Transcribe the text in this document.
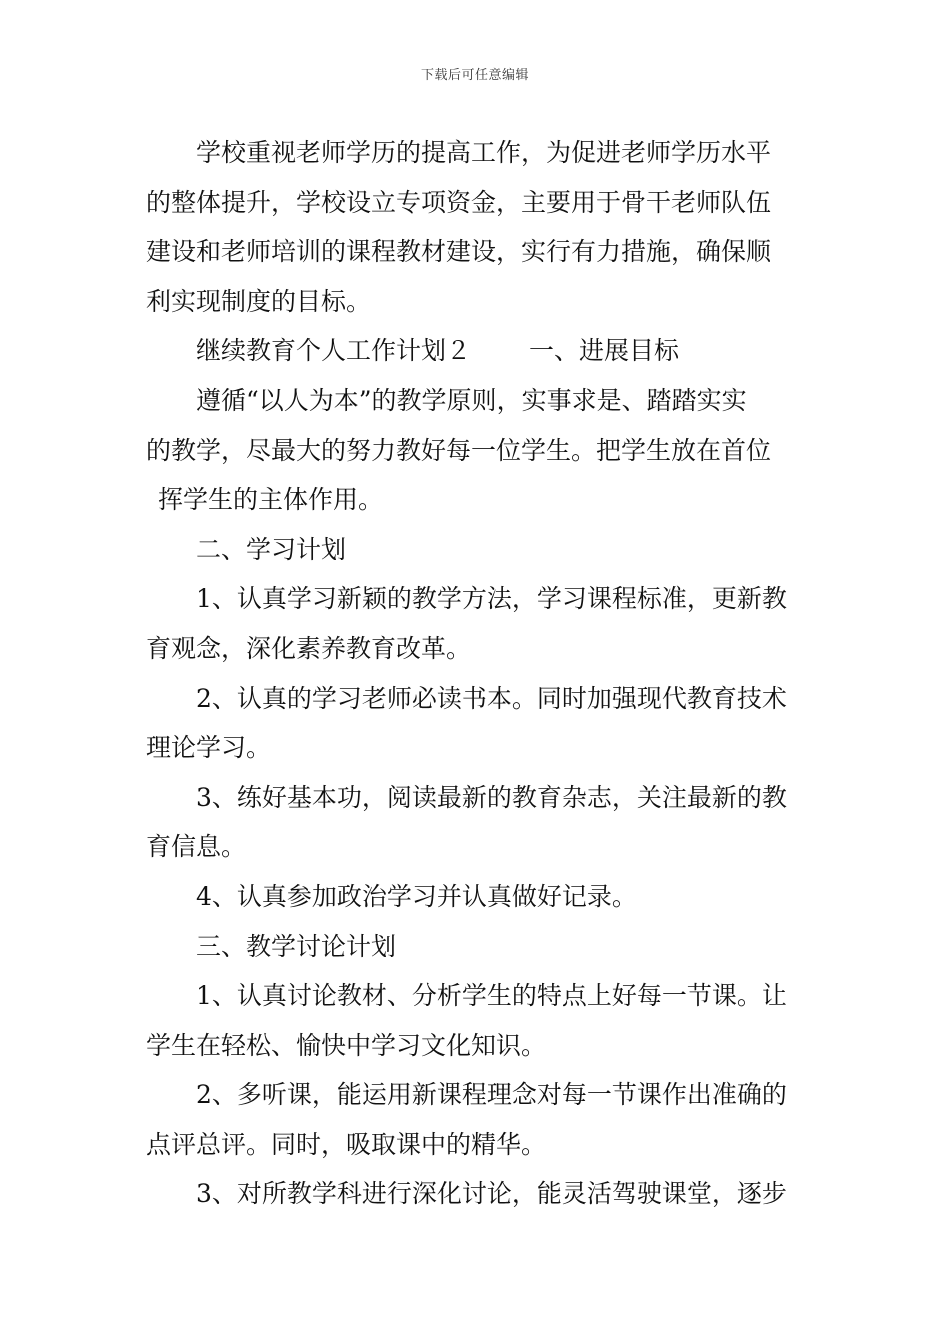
下载后可任意编辑
学校重视老师学历的提高工作，为促进老师学历水平
的整体提升，学校设立专项资金，主要用于骨干老师队伍
建设和老师培训的课程教材建设，实行有力措施，确保顺
利实现制度的目标。
继续教育个人工作计划２ 一、进展目标
遵循“以人为本”的教学原则，实事求是、踏踏实实
的教学，尽最大的努力教好每一位学生。把学生放在首位
挥学生的主体作用。
二、学习计划
1、认真学习新颖的教学方法，学习课程标准，更新教
育观念，深化素养教育改革。
2、认真的学习老师必读书本。同时加强现代教育技术
理论学习。
3、练好基本功，阅读最新的教育杂志，关注最新的教
育信息。
4、认真参加政治学习并认真做好记录。
三、教学讨论计划
1、认真讨论教材、分析学生的特点上好每一节课。让
学生在轻松、愉快中学习文化知识。
2、多听课，能运用新课程理念对每一节课作出准确的
点评总评。同时，吸取课中的精华。
3、对所教学科进行深化讨论，能灵活驾驶课堂，逐步
